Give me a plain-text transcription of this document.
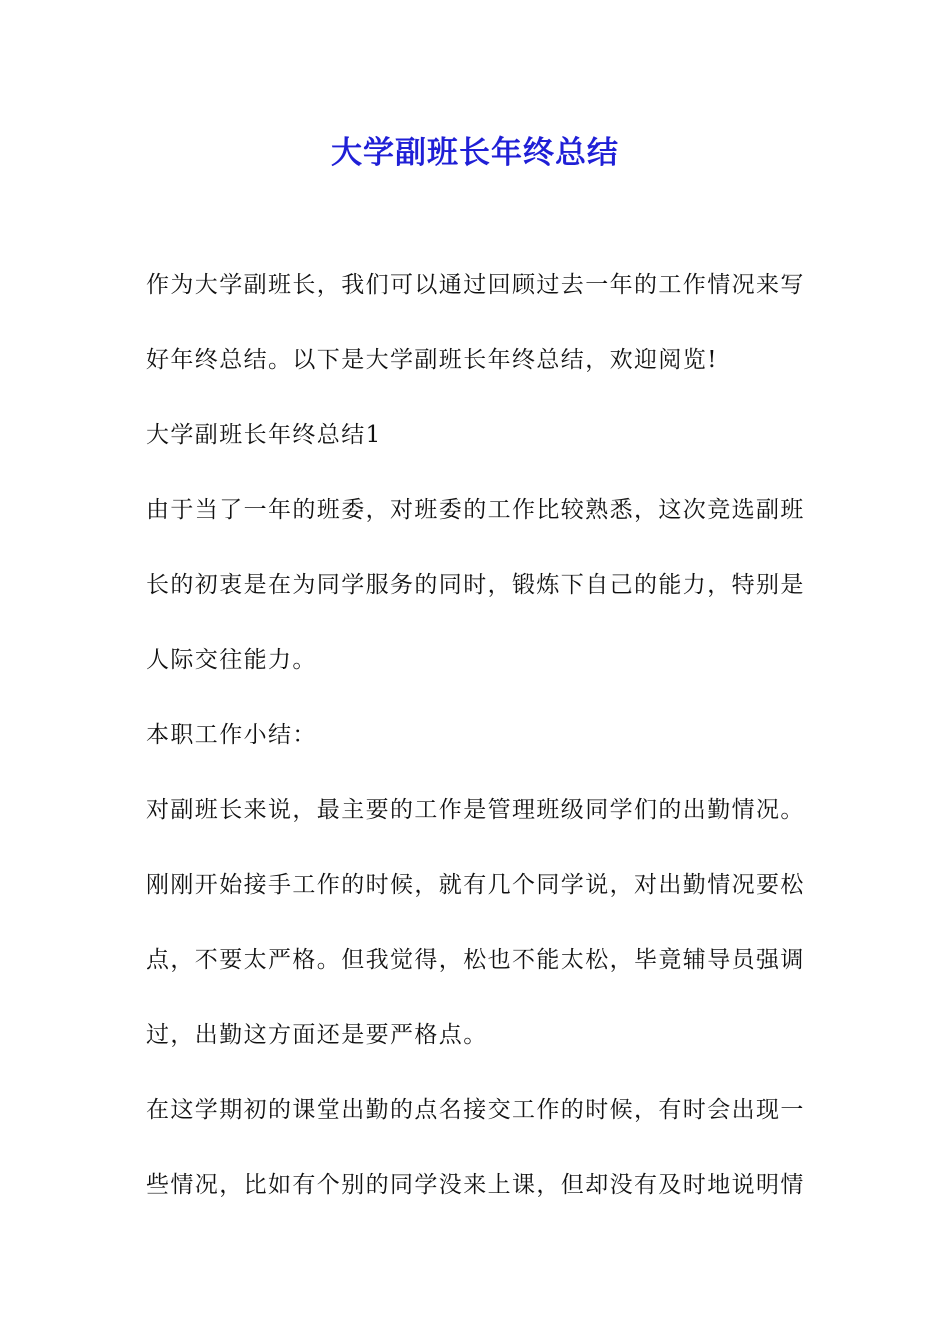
大学副班长年终总结
作为大学副班长，我们可以通过回顾过去一年的工作情况来写
好年终总结。以下是大学副班长年终总结，欢迎阅览!
大学副班长年终总结1
由于当了一年的班委，对班委的工作比较熟悉，这次竞选副班
长的初衷是在为同学服务的同时，锻炼下自己的能力，特别是
人际交往能力。
本职工作小结：
对副班长来说，最主要的工作是管理班级同学们的出勤情况。
刚刚开始接手工作的时候，就有几个同学说，对出勤情况要松
点，不要太严格。但我觉得，松也不能太松，毕竟辅导员强调
过，出勤这方面还是要严格点。
在这学期初的课堂出勤的点名接交工作的时候，有时会出现一
些情况，比如有个别的同学没来上课，但却没有及时地说明情
